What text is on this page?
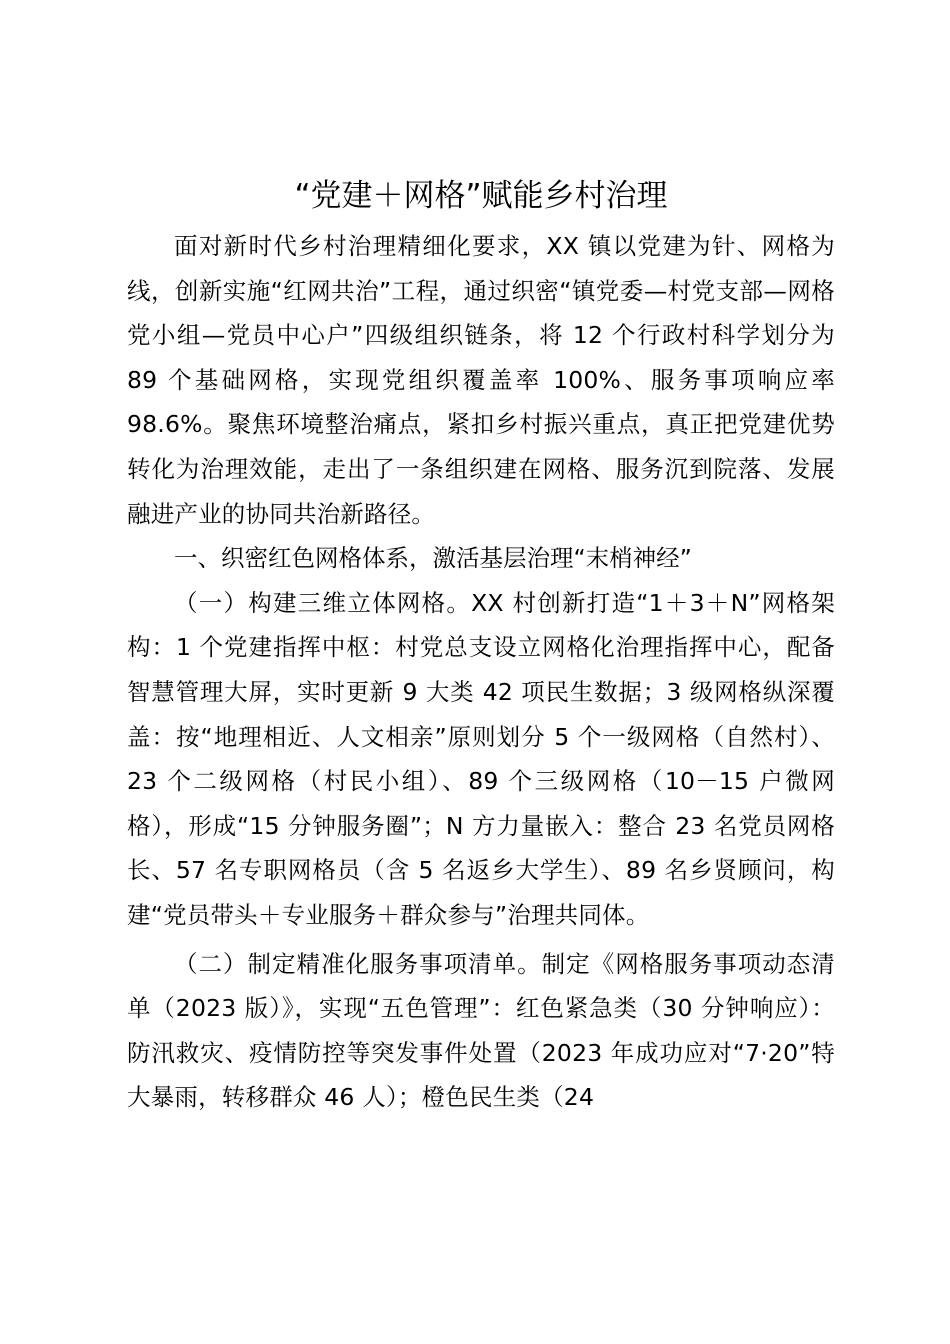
“党建＋网格”赋能乡村治理

面对新时代乡村治理精细化要求，XX 镇以党建为针、网格为线，创新实施“红网共治”工程，通过织密“镇党委—村党支部—网格党小组—党员中心户”四级组织链条，将 12 个行政村科学划分为 89 个基础网格，实现党组织覆盖率 100%、服务事项响应率 98.6%。聚焦环境整治痛点，紧扣乡村振兴重点，真正把党建优势转化为治理效能，走出了一条组织建在网格、服务沉到院落、发展融进产业的协同共治新路径。

一、织密红色网格体系，激活基层治理“末梢神经”

（一）构建三维立体网格。XX 村创新打造“1＋3＋N”网格架构：1 个党建指挥中枢：村党总支设立网格化治理指挥中心，配备智慧管理大屏，实时更新 9 大类 42 项民生数据；3 级网格纵深覆盖：按“地理相近、人文相亲”原则划分 5 个一级网格（自然村）、23 个二级网格（村民小组）、89 个三级网格（10－15 户微网格），形成“15 分钟服务圈”；N 方力量嵌入：整合 23 名党员网格长、57 名专职网格员（含 5 名返乡大学生）、89 名乡贤顾问，构建“党员带头＋专业服务＋群众参与”治理共同体。

（二）制定精准化服务事项清单。制定《网格服务事项动态清单（2023 版）》，实现“五色管理”：红色紧急类（30 分钟响应）：防汛救灾、疫情防控等突发事件处置（2023 年成功应对“7·20”特大暴雨，转移群众 46 人）；橙色民生类（24
